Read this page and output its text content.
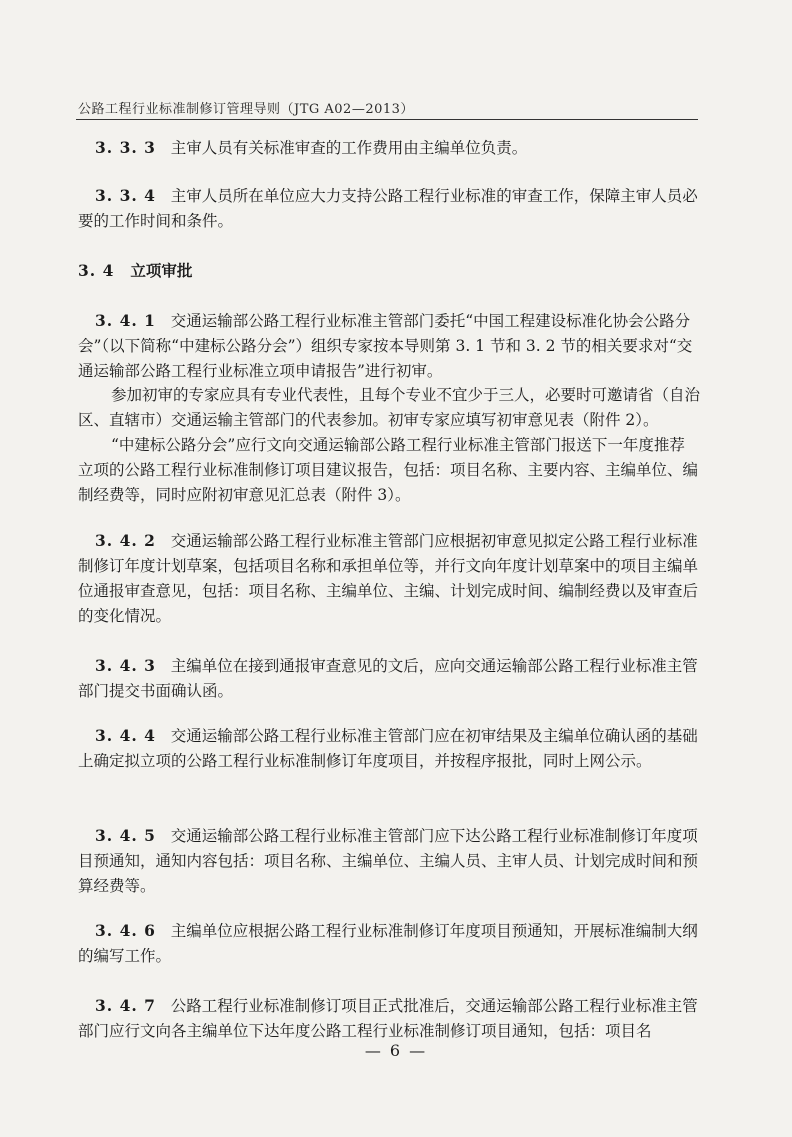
公路工程行业标准制修订管理导则（JTG A02—2013）

3. 3. 3 主审人员有关标准审查的工作费用由主编单位负责。

3. 3. 4 主审人员所在单位应大力支持公路工程行业标准的审查工作，保障主审人员必要的工作时间和条件。

3. 4 立项审批

3. 4. 1 交通运输部公路工程行业标准主管部门委托“中国工程建设标准化协会公路分会”（以下简称“中建标公路分会”）组织专家按本导则第 3. 1 节和 3. 2 节的相关要求对“交通运输部公路工程行业标准立项申请报告”进行初审。

参加初审的专家应具有专业代表性，且每个专业不宜少于三人，必要时可邀请省（自治区、直辖市）交通运输主管部门的代表参加。初审专家应填写初审意见表（附件 2）。

“中建标公路分会”应行文向交通运输部公路工程行业标准主管部门报送下一年度推荐立项的公路工程行业标准制修订项目建议报告，包括：项目名称、主要内容、主编单位、编制经费等，同时应附初审意见汇总表（附件 3）。

3. 4. 2 交通运输部公路工程行业标准主管部门应根据初审意见拟定公路工程行业标准制修订年度计划草案，包括项目名称和承担单位等，并行文向年度计划草案中的项目主编单位通报审查意见，包括：项目名称、主编单位、主编、计划完成时间、编制经费以及审查后的变化情况。

3. 4. 3 主编单位在接到通报审查意见的文后，应向交通运输部公路工程行业标准主管部门提交书面确认函。

3. 4. 4 交通运输部公路工程行业标准主管部门应在初审结果及主编单位确认函的基础上确定拟立项的公路工程行业标准制修订年度项目，并按程序报批，同时上网公示。

3. 4. 5 交通运输部公路工程行业标准主管部门应下达公路工程行业标准制修订年度项目预通知，通知内容包括：项目名称、主编单位、主编人员、主审人员、计划完成时间和预算经费等。

3. 4. 6 主编单位应根据公路工程行业标准制修订年度项目预通知，开展标准编制大纲的编写工作。

3. 4. 7 公路工程行业标准制修订项目正式批准后，交通运输部公路工程行业标准主管部门应行文向各主编单位下达年度公路工程行业标准制修订项目通知，包括：项目名

— 6 —
